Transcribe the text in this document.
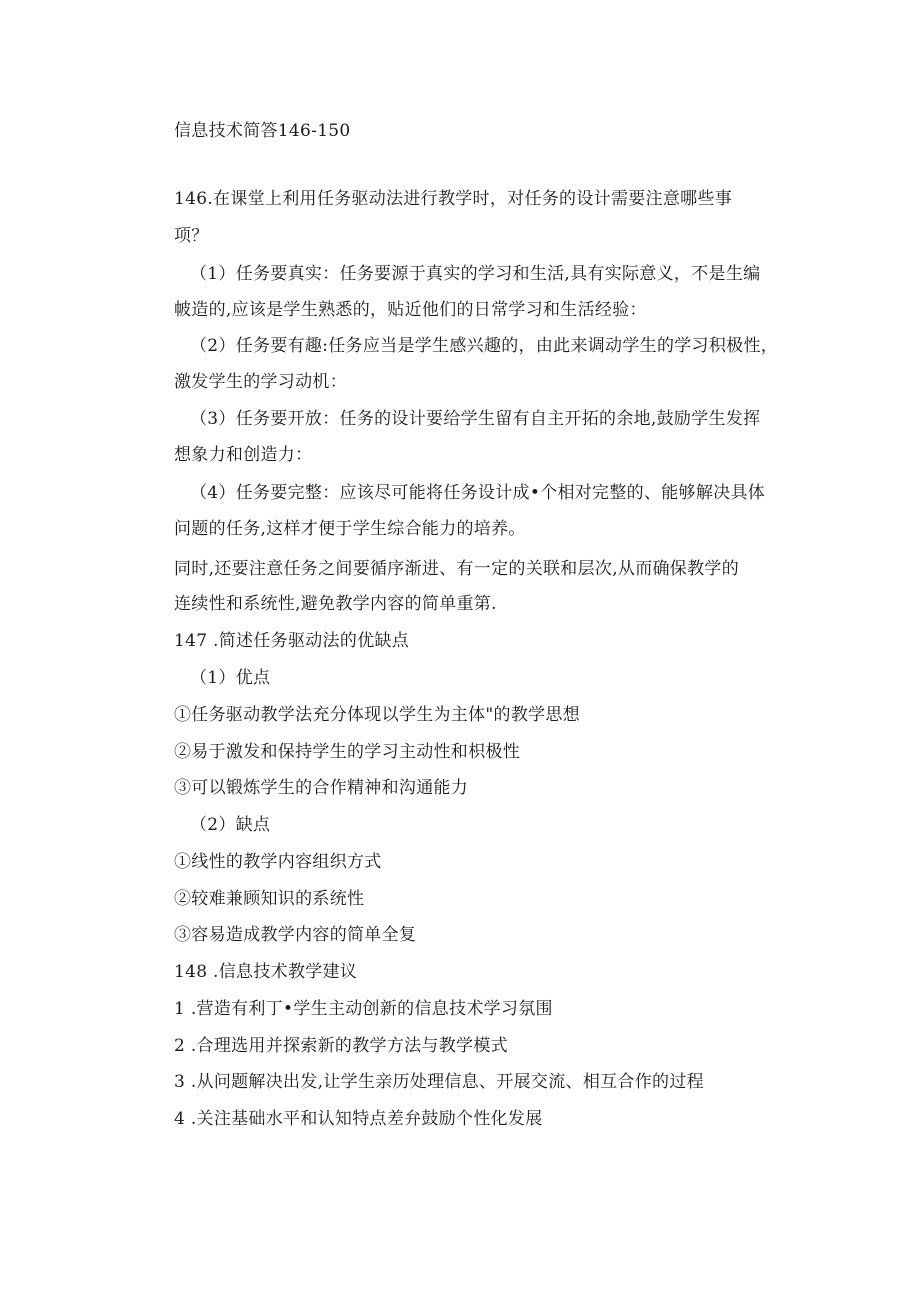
信息技术简答146-150
146.在课堂上利用任务驱动法进行教学时，对任务的设计需要注意哪些事
项？
（1）任务要真实：任务要源于真实的学习和生活,具有实际意义，不是生编
帔造的,应该是学生熟悉的，贴近他们的日常学习和生活经验：
（2）任务要有趣:任务应当是学生感兴趣的，由此来调动学生的学习积极性，
激发学生的学习动机：
（3）任务要开放：任务的设计要给学生留有自主开拓的余地,鼓励学生发挥
想象力和创造力：
（4）任务要完整：应该尽可能将任务设计成•个相对完整的、能够解决具体
问题的任务,这样才便于学生综合能力的培养。
同时,还要注意任务之间要循序渐进、有一定的关联和层次,从而确保教学的
连续性和系统性,避免教学内容的简单重第.
147 .简述任务驱动法的优缺点
（1）优点
①任务驱动教学法充分体现以学生为主体"的教学思想
②易于激发和保持学生的学习主动性和枳极性
③可以锻炼学生的合作精神和沟通能力
（2）缺点
①线性的教学内容组织方式
②较难兼顾知识的系统性
③容易造成教学内容的简单全复
148 .信息技术教学建议
1 .营造有利丁•学生主动创新的信息技术学习氛围
2 .合理选用并探索新的教学方法与教学模式
3 .从问题解决出发,让学生亲历处理信息、开展交流、相互合作的过程
4 .关注基础水平和认知特点差弁鼓励个性化发展
